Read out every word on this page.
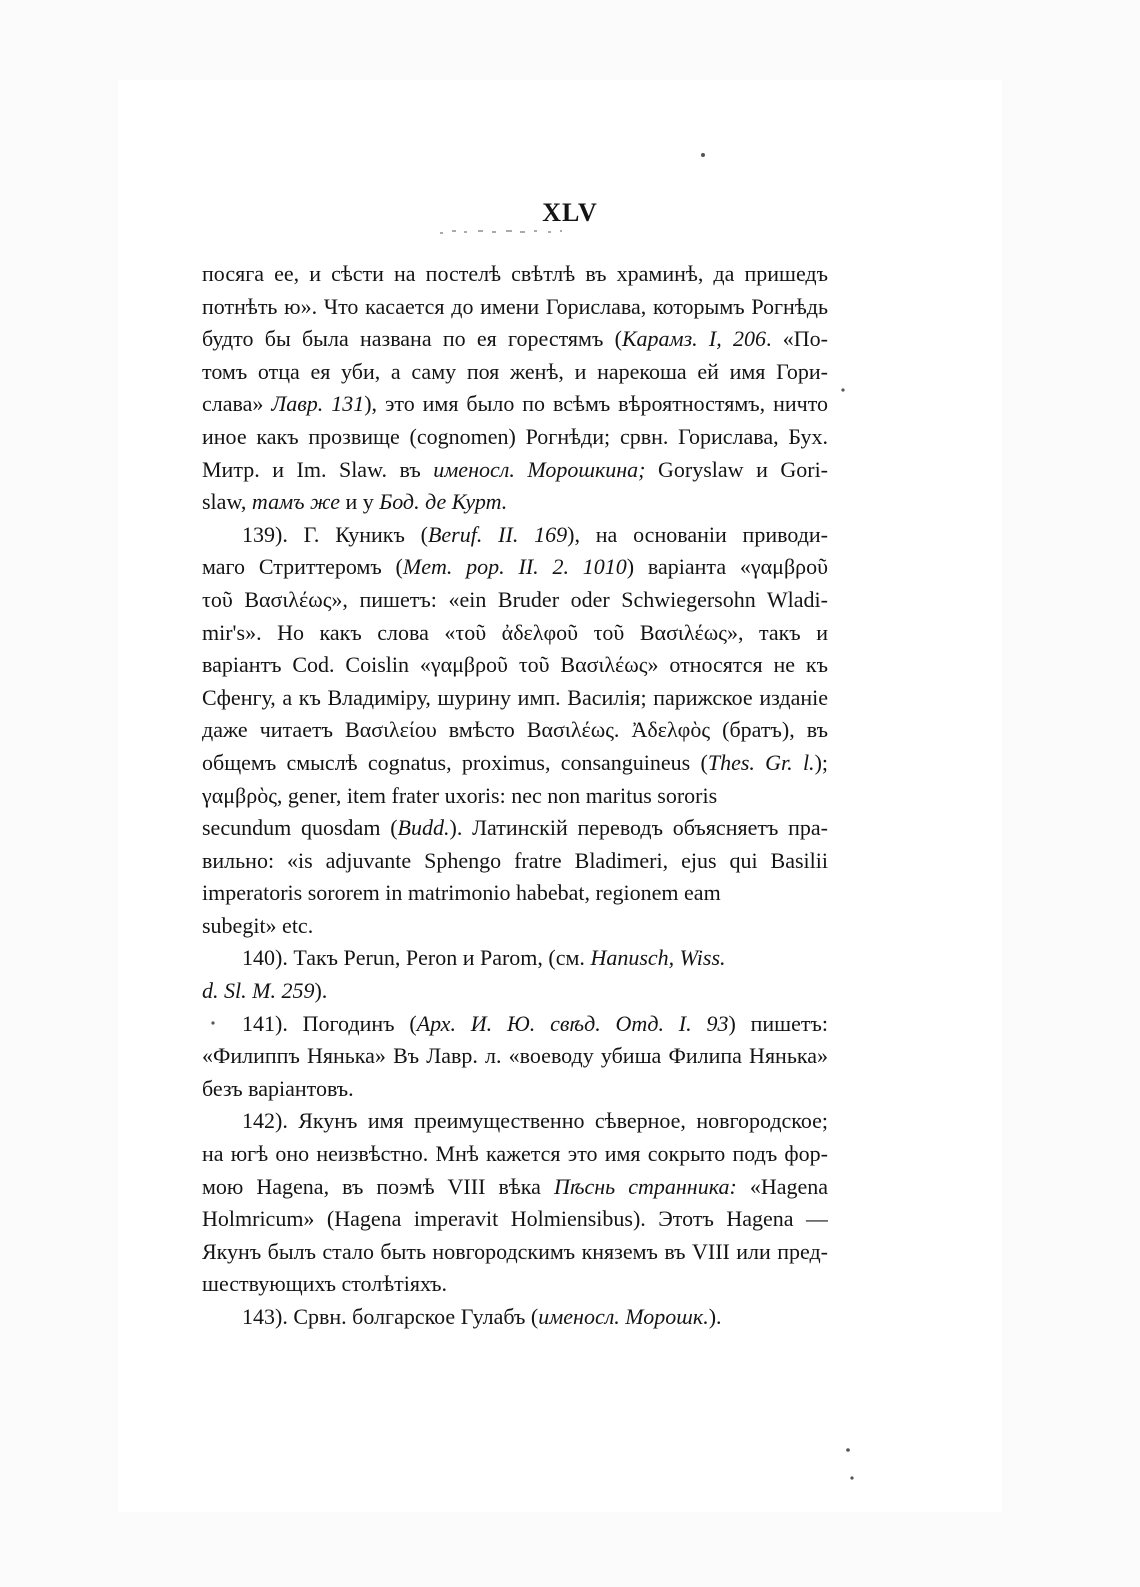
XLV
посяга ее, и сѣсти на постелѣ свѣтлѣ въ храминѣ, да пришедъ
потнѣть ю». Что касается до имени Горислава, которымъ Рогнѣдь
будто бы была названа по ея горестямъ (Карамз. I, 206. «По-
томъ отца ея уби, а саму поя женѣ, и нарекоша ей имя Гори-
слава» Лавр. 131), это имя было по всѣмъ вѣроятностямъ, ничто
иное какъ прозвище (cognomen) Рогнѣди; срвн. Горислава, Бух.
Митр. и Im. Slaw. въ именосл. Морошкина; Goryslaw и Gori-
slaw, тамъ же и у Бод. де Курт.
139). Г. Куникъ (Beruf. II. 169), на основаніи приводи-
маго Стриттеромъ (Mem. pop. II. 2. 1010) варіанта «γαμβροῦ
τοῦ Βασιλέως», пишетъ: «ein Bruder oder Schwiegersohn Wladi-
mir's». Но какъ слова «τοῦ ἀδελφοῦ τοῦ Βασιλέως», такъ и
варіантъ Cod. Coislin «γαμβροῦ τοῦ Βασιλέως» относятся не къ
Сфенгу, а къ Владиміру, шурину имп. Василія; парижское изданіе
даже читаетъ Βασιλείου вмѣсто Βασιλέως. Ἀδελφὸς (братъ), въ
общемъ смыслѣ cognatus, proximus, consanguineus (Thes. Gr. l.);
γαμβρὸς, gener, item frater uxoris: nec non maritus sororis
secundum quosdam (Budd.). Латинскій переводъ объясняетъ пра-
вильно: «is adjuvante Sphengo fratre Bladimeri, ejus qui Basilii
imperatoris sororem in matrimonio habebat, regionem eam
subegit» etc.
140). Такъ Perun, Peron и Parom, (см. Hanusch, Wiss.
d. Sl. M. 259).
141). Погодинъ (Арх. И. Ю. свѣд. Отд. I. 93) пишетъ:
«Филиппъ Нянька» Въ Лавр. л. «воеводу убиша Филипа Нянька»
безъ варіантовъ.
142). Якунъ имя преимущественно сѣверное, новгородское;
на югѣ оно неизвѣстно. Мнѣ кажется это имя сокрыто подъ фор-
мою Hagena, въ поэмѣ VIII вѣка Пѣснь странника: «Hagena
Holmricum» (Hagena imperavit Holmiensibus). Этотъ Hagena —
Якунъ былъ стало быть новгородскимъ княземъ въ VIII или пред-
шествующихъ столѣтіяхъ.
143). Срвн. болгарское Гулабъ (именосл. Морошк.).
